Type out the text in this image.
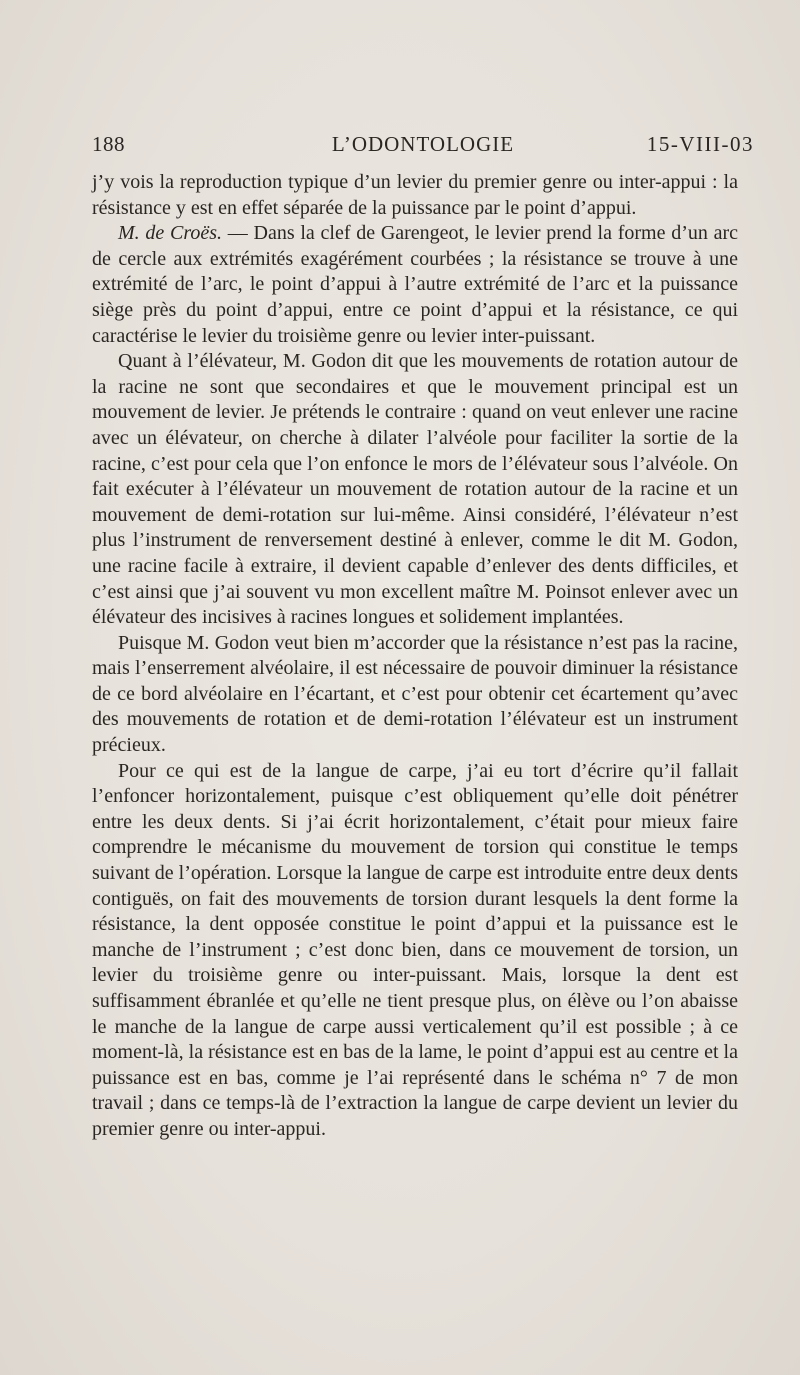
188	L’ODONTOLOGIE	15-VIII-03

j’y vois la reproduction typique d’un levier du premier genre ou inter-appui : la résistance y est en effet séparée de la puissance par le point d’appui.

M. de Croës. — Dans la clef de Garengeot, le levier prend la forme d’un arc de cercle aux extrémités exagérément courbées ; la résistance se trouve à une extrémité de l’arc, le point d’appui à l’autre extrémité de l’arc et la puissance siège près du point d’appui, entre ce point d’appui et la résistance, ce qui caractérise le levier du troisième genre ou levier inter-puissant.

Quant à l’élévateur, M. Godon dit que les mouvements de rotation autour de la racine ne sont que secondaires et que le mouvement principal est un mouvement de levier. Je prétends le contraire : quand on veut enlever une racine avec un élévateur, on cherche à dilater l’alvéole pour faciliter la sortie de la racine, c’est pour cela que l’on enfonce le mors de l’élévateur sous l’alvéole. On fait exécuter à l’élévateur un mouvement de rotation autour de la racine et un mouvement de demi-rotation sur lui-même. Ainsi considéré, l’élévateur n’est plus l’instrument de renversement destiné à enlever, comme le dit M. Godon, une racine facile à extraire, il devient capable d’enlever des dents difficiles, et c’est ainsi que j’ai souvent vu mon excellent maître M. Poinsot enlever avec un élévateur des incisives à racines longues et solidement implantées.

Puisque M. Godon veut bien m’accorder que la résistance n’est pas la racine, mais l’enserrement alvéolaire, il est nécessaire de pouvoir diminuer la résistance de ce bord alvéolaire en l’écartant, et c’est pour obtenir cet écartement qu’avec des mouvements de rotation et de demi-rotation l’élévateur est un instrument précieux.

Pour ce qui est de la langue de carpe, j’ai eu tort d’écrire qu’il fallait l’enfoncer horizontalement, puisque c’est obliquement qu’elle doit pénétrer entre les deux dents. Si j’ai écrit horizontalement, c’était pour mieux faire comprendre le mécanisme du mouvement de torsion qui constitue le temps suivant de l’opération. Lorsque la langue de carpe est introduite entre deux dents contiguës, on fait des mouvements de torsion durant lesquels la dent forme la résistance, la dent opposée constitue le point d’appui et la puissance est le manche de l’instrument ; c’est donc bien, dans ce mouvement de torsion, un levier du troisième genre ou inter-puissant. Mais, lorsque la dent est suffisamment ébranlée et qu’elle ne tient presque plus, on élève ou l’on abaisse le manche de la langue de carpe aussi verticalement qu’il est possible ; à ce moment-là, la résistance est en bas de la lame, le point d’appui est au centre et la puissance est en bas, comme je l’ai représenté dans le schéma n° 7 de mon travail ; dans ce temps-là de l’extraction la langue de carpe devient un levier du premier genre ou inter-appui.
